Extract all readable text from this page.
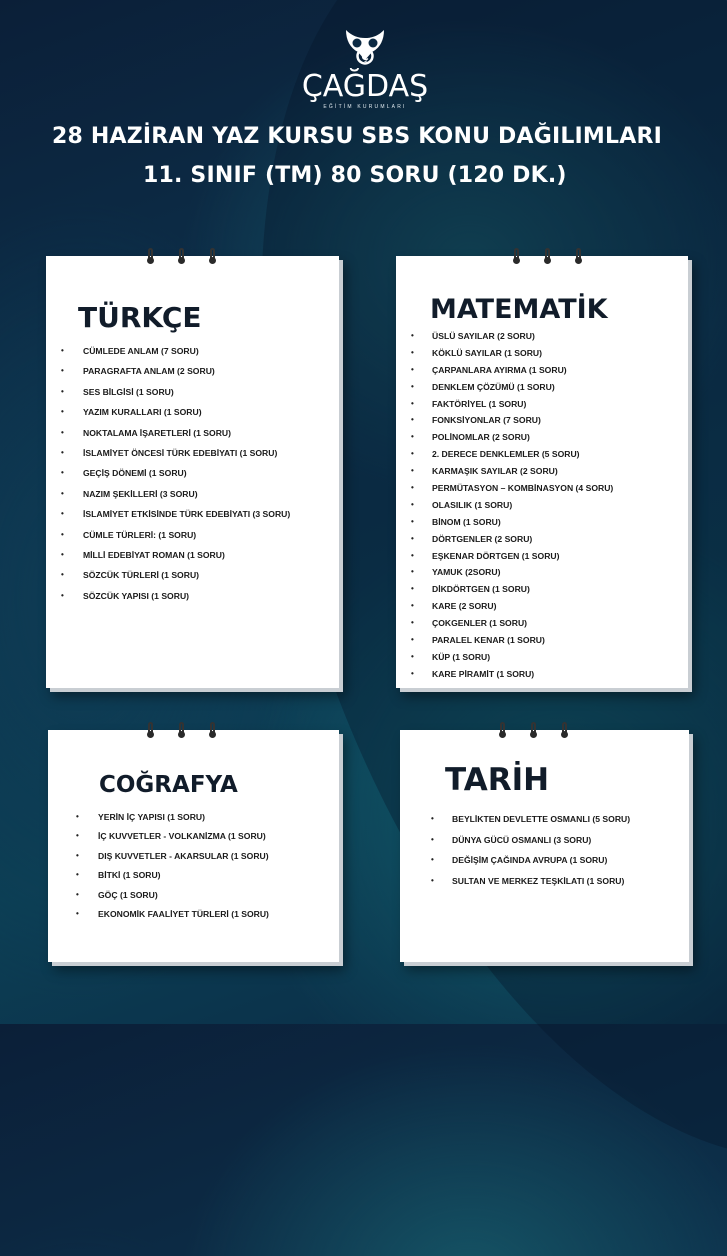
Ç
ÇAĞDAŞ
EĞİTİM KURUMLARI
28 HAZİRAN YAZ KURSU SBS KONU DAĞILIMLARI
11. SINIF (TM) 80 SORU (120 DK.)
TÜRKÇE
• CÜMLEDE ANLAM (7 SORU)
• PARAGRAFTA ANLAM (2 SORU)
• SES BİLGİSİ (1 SORU)
• YAZIM KURALLARI (1 SORU)
• NOKTALAMA İŞARETLERİ (1 SORU)
• İSLAMİYET ÖNCESİ TÜRK EDEBİYATI (1 SORU)
• GEÇİŞ DÖNEMİ (1 SORU)
• NAZIM ŞEKİLLERİ (3 SORU)
• İSLAMİYET ETKİSİNDE TÜRK EDEBİYATI (3 SORU)
• CÜMLE TÜRLERİ: (1 SORU)
• MİLLİ EDEBİYAT ROMAN (1 SORU)
• SÖZCÜK TÜRLERİ (1 SORU)
• SÖZCÜK YAPISI (1 SORU)
MATEMATİK
• ÜSLÜ SAYILAR (2 SORU)
• KÖKLÜ SAYILAR (1 SORU)
• ÇARPANLARA AYIRMA (1 SORU)
• DENKLEM ÇÖZÜMÜ (1 SORU)
• FAKTÖRİYEL (1 SORU)
• FONKSİYONLAR (7 SORU)
• POLİNOMLAR (2 SORU)
• 2. DERECE DENKLEMLER (5 SORU)
• KARMAŞIK SAYILAR (2 SORU)
• PERMÜTASYON – KOMBİNASYON (4 SORU)
• OLASILIK (1 SORU)
• BİNOM (1 SORU)
• DÖRTGENLER (2 SORU)
• EŞKENAR DÖRTGEN (1 SORU)
• YAMUK (2SORU)
• DİKDÖRTGEN (1 SORU)
• KARE (2 SORU)
• ÇOKGENLER (1 SORU)
• PARALEL KENAR (1 SORU)
• KÜP (1 SORU)
• KARE PİRAMİT (1 SORU)
COĞRAFYA
• YERİN İÇ YAPISI (1 SORU)
• İÇ KUVVETLER - VOLKANİZMA (1 SORU)
• DIŞ KUVVETLER - AKARSULAR (1 SORU)
• BİTKİ (1 SORU)
• GÖÇ (1 SORU)
• EKONOMİK FAALİYET TÜRLERİ (1 SORU)
TARİH
• BEYLİKTEN DEVLETTE OSMANLI (5 SORU)
• DÜNYA GÜCÜ OSMANLI (3 SORU)
• DEĞİŞİM ÇAĞINDA AVRUPA (1 SORU)
• SULTAN VE MERKEZ TEŞKİLATI (1 SORU)
